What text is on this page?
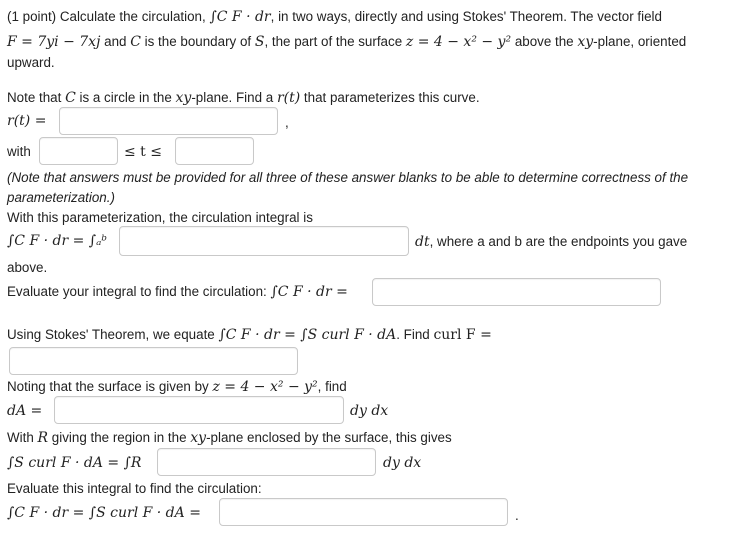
(1 point) Calculate the circulation, ∫C F · dr, in two ways, directly and using Stokes' Theorem. The vector field
F = 7yi − 7xj and C is the boundary of S, the part of the surface z = 4 − x² − y² above the xy-plane, oriented
upward.
Note that C is a circle in the xy-plane. Find a r(t) that parameterizes this curve.
r(t) =	,
with	≤ t ≤
(Note that answers must be provided for all three of these answer blanks to be able to determine correctness of the
parameterization.)
With this parameterization, the circulation integral is
∫C F · dr = ∫ₐᵇ	dt, where a and b are the endpoints you gave
above.
Evaluate your integral to find the circulation: ∫C F · dr =
Using Stokes' Theorem, we equate ∫C F · dr = ∫S curl F · dA. Find curl F =
Noting that the surface is given by z = 4 − x² − y², find
dA =	dy dx
With R giving the region in the xy-plane enclosed by the surface, this gives
∫S curl F · dA = ∫R	dy dx
Evaluate this integral to find the circulation:
∫C F · dr = ∫S curl F · dA =	.
